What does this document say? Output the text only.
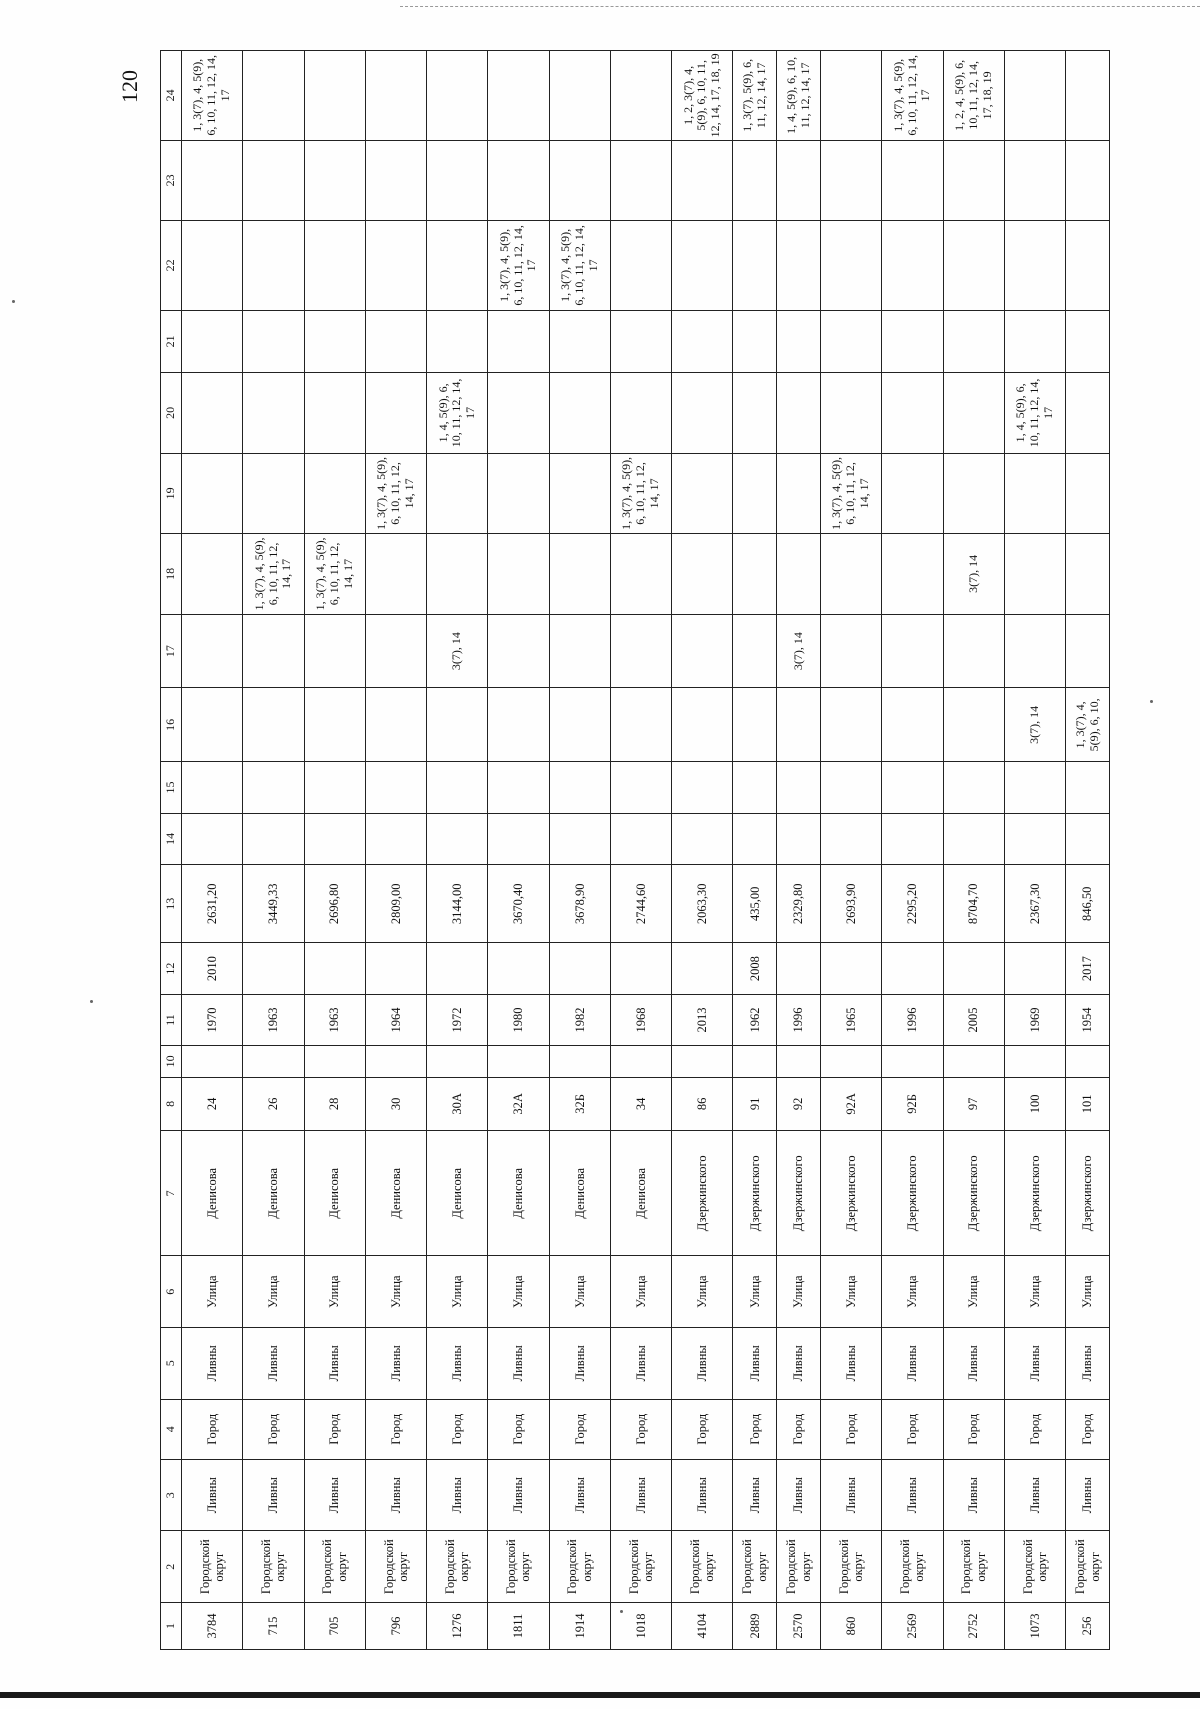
120
1	2	3	4	5	6	7	8	10	11	12	13	14	15	16	17	18	19	20	21	22	23	24
3784	Городской округ	Ливны	Город	Ливны	Улица	Денисова	24		1970	2010	2631,20											1, 3(7), 4, 5(9), 6, 10, 11, 12, 14, 17
715	Городской округ	Ливны	Город	Ливны	Улица	Денисова	26		1963		3449,33					1, 3(7), 4, 5(9), 6, 10, 11, 12, 14, 17						
705	Городской округ	Ливны	Город	Ливны	Улица	Денисова	28		1963		2696,80					1, 3(7), 4, 5(9), 6, 10, 11, 12, 14, 17						
796	Городской округ	Ливны	Город	Ливны	Улица	Денисова	30		1964		2809,00						1, 3(7), 4, 5(9), 6, 10, 11, 12, 14, 17					
1276	Городской округ	Ливны	Город	Ливны	Улица	Денисова	30А		1972		3144,00				3(7), 14			1, 4, 5(9), 6, 10, 11, 12, 14, 17				
1811	Городской округ	Ливны	Город	Ливны	Улица	Денисова	32А		1980		3670,40									1, 3(7), 4, 5(9), 6, 10, 11, 12, 14, 17		
1914	Городской округ	Ливны	Город	Ливны	Улица	Денисова	32Б		1982		3678,90									1, 3(7), 4, 5(9), 6, 10, 11, 12, 14, 17		
1018	Городской округ	Ливны	Город	Ливны	Улица	Денисова	34		1968		2744,60						1, 3(7), 4, 5(9), 6, 10, 11, 12, 14, 17					
4104	Городской округ	Ливны	Город	Ливны	Улица	Дзержинского	86		2013		2063,30											1, 2, 3(7), 4, 5(9), 6, 10, 11, 12, 14, 17, 18, 19
2889	Городской округ	Ливны	Город	Ливны	Улица	Дзержинского	91		1962	2008	435,00											1, 3(7), 5(9), 6, 11, 12, 14, 17
2570	Городской округ	Ливны	Город	Ливны	Улица	Дзержинского	92		1996		2329,80				3(7), 14							1, 4, 5(9), 6, 10, 11, 12, 14, 17
860	Городской округ	Ливны	Город	Ливны	Улица	Дзержинского	92А		1965		2693,90						1, 3(7), 4, 5(9), 6, 10, 11, 12, 14, 17					
2569	Городской округ	Ливны	Город	Ливны	Улица	Дзержинского	92Б		1996		2295,20											1, 3(7), 4, 5(9), 6, 10, 11, 12, 14, 17
2752	Городской округ	Ливны	Город	Ливны	Улица	Дзержинского	97		2005		8704,70					3(7), 14						1, 2, 4, 5(9), 6, 10, 11, 12, 14, 17, 18, 19
1073	Городской округ	Ливны	Город	Ливны	Улица	Дзержинского	100		1969		2367,30			3(7), 14				1, 4, 5(9), 6, 10, 11, 12, 14, 17				
256	Городской округ	Ливны	Город	Ливны	Улица	Дзержинского	101		1954	2017	846,50			1, 3(7), 4, 5(9), 6, 10,								
